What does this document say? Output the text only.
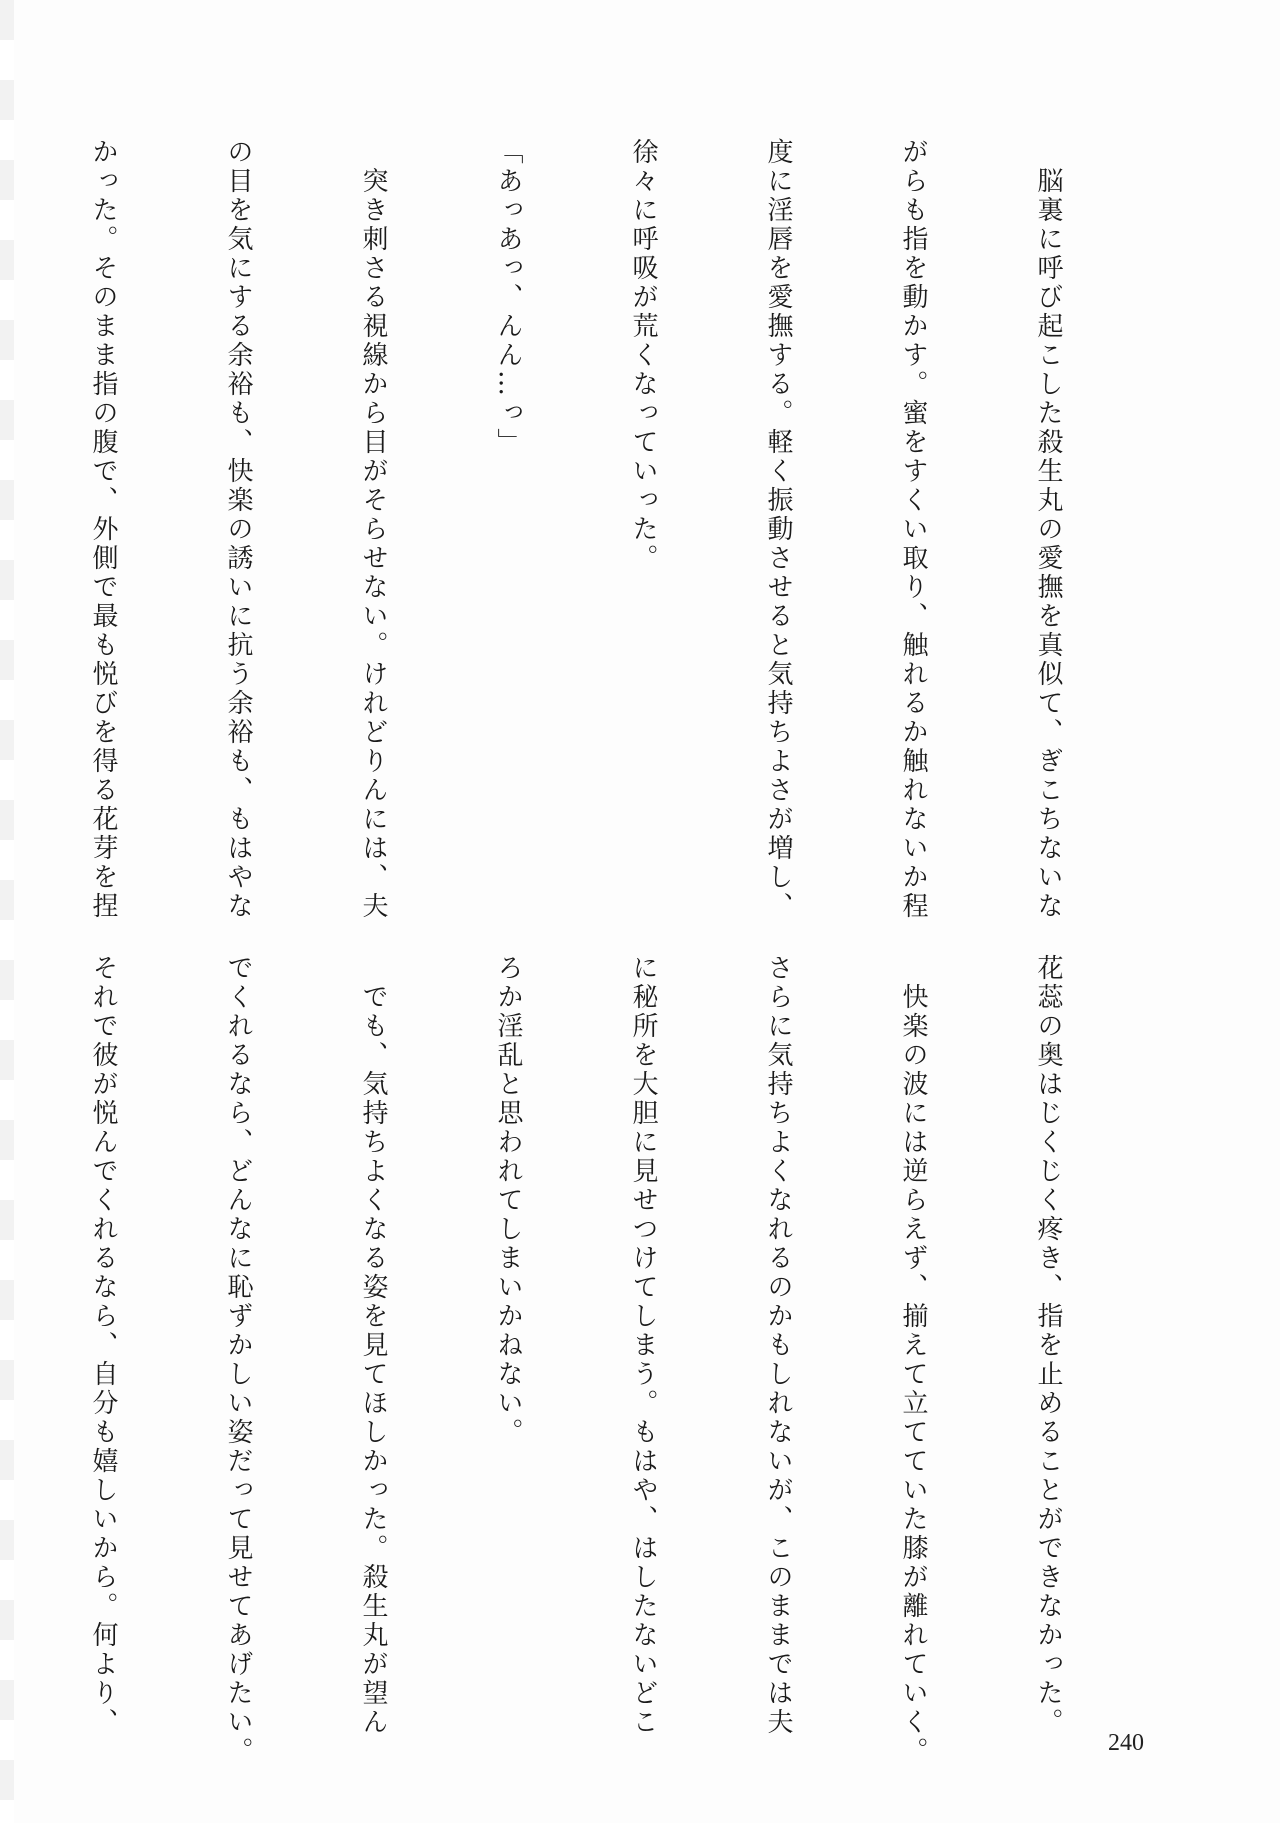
　脳裏に呼び起こした殺生丸の愛撫を真似て、ぎこちないな

がらも指を動かす。蜜をすくい取り、触れるか触れないか程

度に淫唇を愛撫する。軽く振動させると気持ちよさが増し、

徐々に呼吸が荒くなっていった。

「あっあっ、んん…っ」

　突き刺さる視線から目がそらせない。けれどりんには、夫

の目を気にする余裕も、快楽の誘いに抗う余裕も、もはやな

かった。そのまま指の腹で、外側で最も悦びを得る花芽を捏

花蕊の奥はじくじく疼き、指を止めることができなかった。

　快楽の波には逆らえず、揃えて立てていた膝が離れていく。

さらに気持ちよくなれるのかもしれないが、このままでは夫

に秘所を大胆に見せつけてしまう。もはや、はしたないどこ

ろか淫乱と思われてしまいかねない。

　でも、気持ちよくなる姿を見てほしかった。殺生丸が望ん

でくれるなら、どんなに恥ずかしい姿だって見せてあげたい。

それで彼が悦んでくれるなら、自分も嬉しいから。何より、

240
